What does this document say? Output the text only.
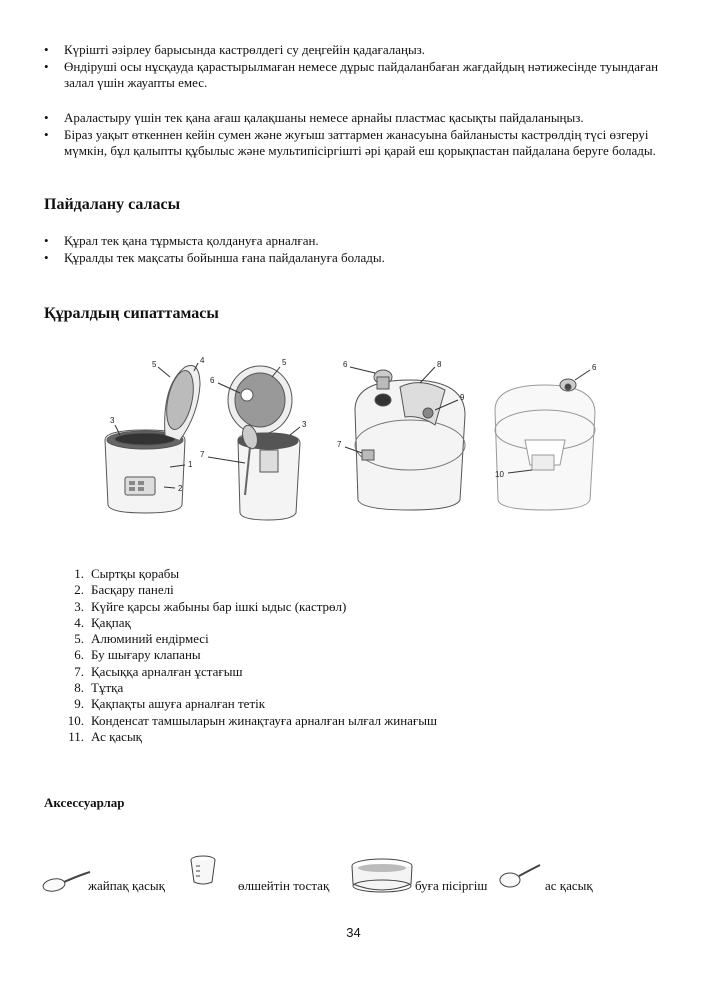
• Күрішті әзірлеу барысында кастрөлдегі су деңгейін қадағалаңыз.
• Өндіруші осы нұсқауда қарастырылмаған немесе дұрыс пайдаланбаған жағдайдың нәтижесінде туындаған залал үшін жауапты емес.
• Араластыру үшін тек қана ағаш қалақшаны немесе арнайы пластмас қасықты пайдаланыңыз.
• Біраз уақыт өткеннен кейін сумен және жуғыш заттармен жанасуына байланысты кастрөлдің түсі өзгеруі мүмкін, бұл қалыпты құбылыс және мультипісіргішті әрі қарай еш қорықпастан пайдалана беруге болады.
Пайдалану саласы
• Құрал тек қана тұрмыста қолдануға арналған.
• Құралды тек мақсаты бойынша ғана пайдалануға болады.
Құралдың сипаттамасы
1
2
3
4
5
6
5
7
3
6	8
9
7
6
10
1. Сыртқы қорабы
2. Басқару панелі
3. Күйге қарсы жабыны бар ішкі ыдыс (кастрөл)
4. Қақпақ
5. Алюминий ендірмесі
6. Бу шығару клапаны
7. Қасыққа арналған ұстағыш
8. Тұтқа
9. Қақпақты ашуға арналған тетік
10. Конденсат тамшыларын жинақтауға арналған ылғал жинағыш
11. Ас қасық
Аксессуарлар
жайпақ қасық	өлшейтін тостақ	буға пісіргіш	ас қасық
34
